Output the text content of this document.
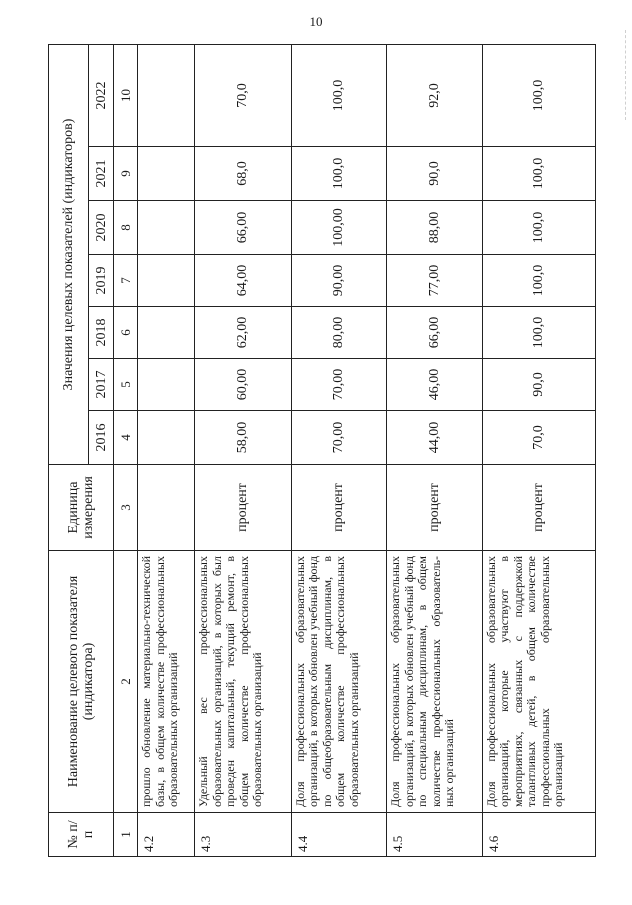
10
№ п/п	Наименование целевого показателя (индикатора)	Единица измерения	Значения целевых показателей (индикаторов)						
			2016	2017	2018	2019	2020	2021	2022
1	2	3	4	5	6	7	8	9	10
4.2	прошло обновление материально-технической базы, в общем количестве профессиональных образовательных организаций								
4.3	Удельный вес профессиональных образовательных организаций, в которых был проведен капитальный, текущий ремонт, в общем количестве профессиональных образовательных организаций	процент	58,00	60,00	62,00	64,00	66,00	68,0	70,0
4.4	Доля профессиональных образовательных организаций, в которых обновлен учебный фонд по общеобразовательным дисциплинам, в общем количестве профессиональных образовательных организаций	процент	70,00	70,00	80,00	90,00	100,00	100,0	100,0
4.5	Доля профессиональных образовательных организаций, в которых обновлен учебный фонд по специальным дисциплинам, в общем количестве профессиональных образователь-ных организаций	процент	44,00	46,00	66,00	77,00	88,00	90,0	92,0
4.6	Доля профессиональных образовательных организаций, которые участвуют в мероприятиях, связанных с поддержкой талантливых детей, в общем количестве профессиональных образовательных организаций	процент	70,0	90,0	100,0	100,0	100,0	100,0	100,0
